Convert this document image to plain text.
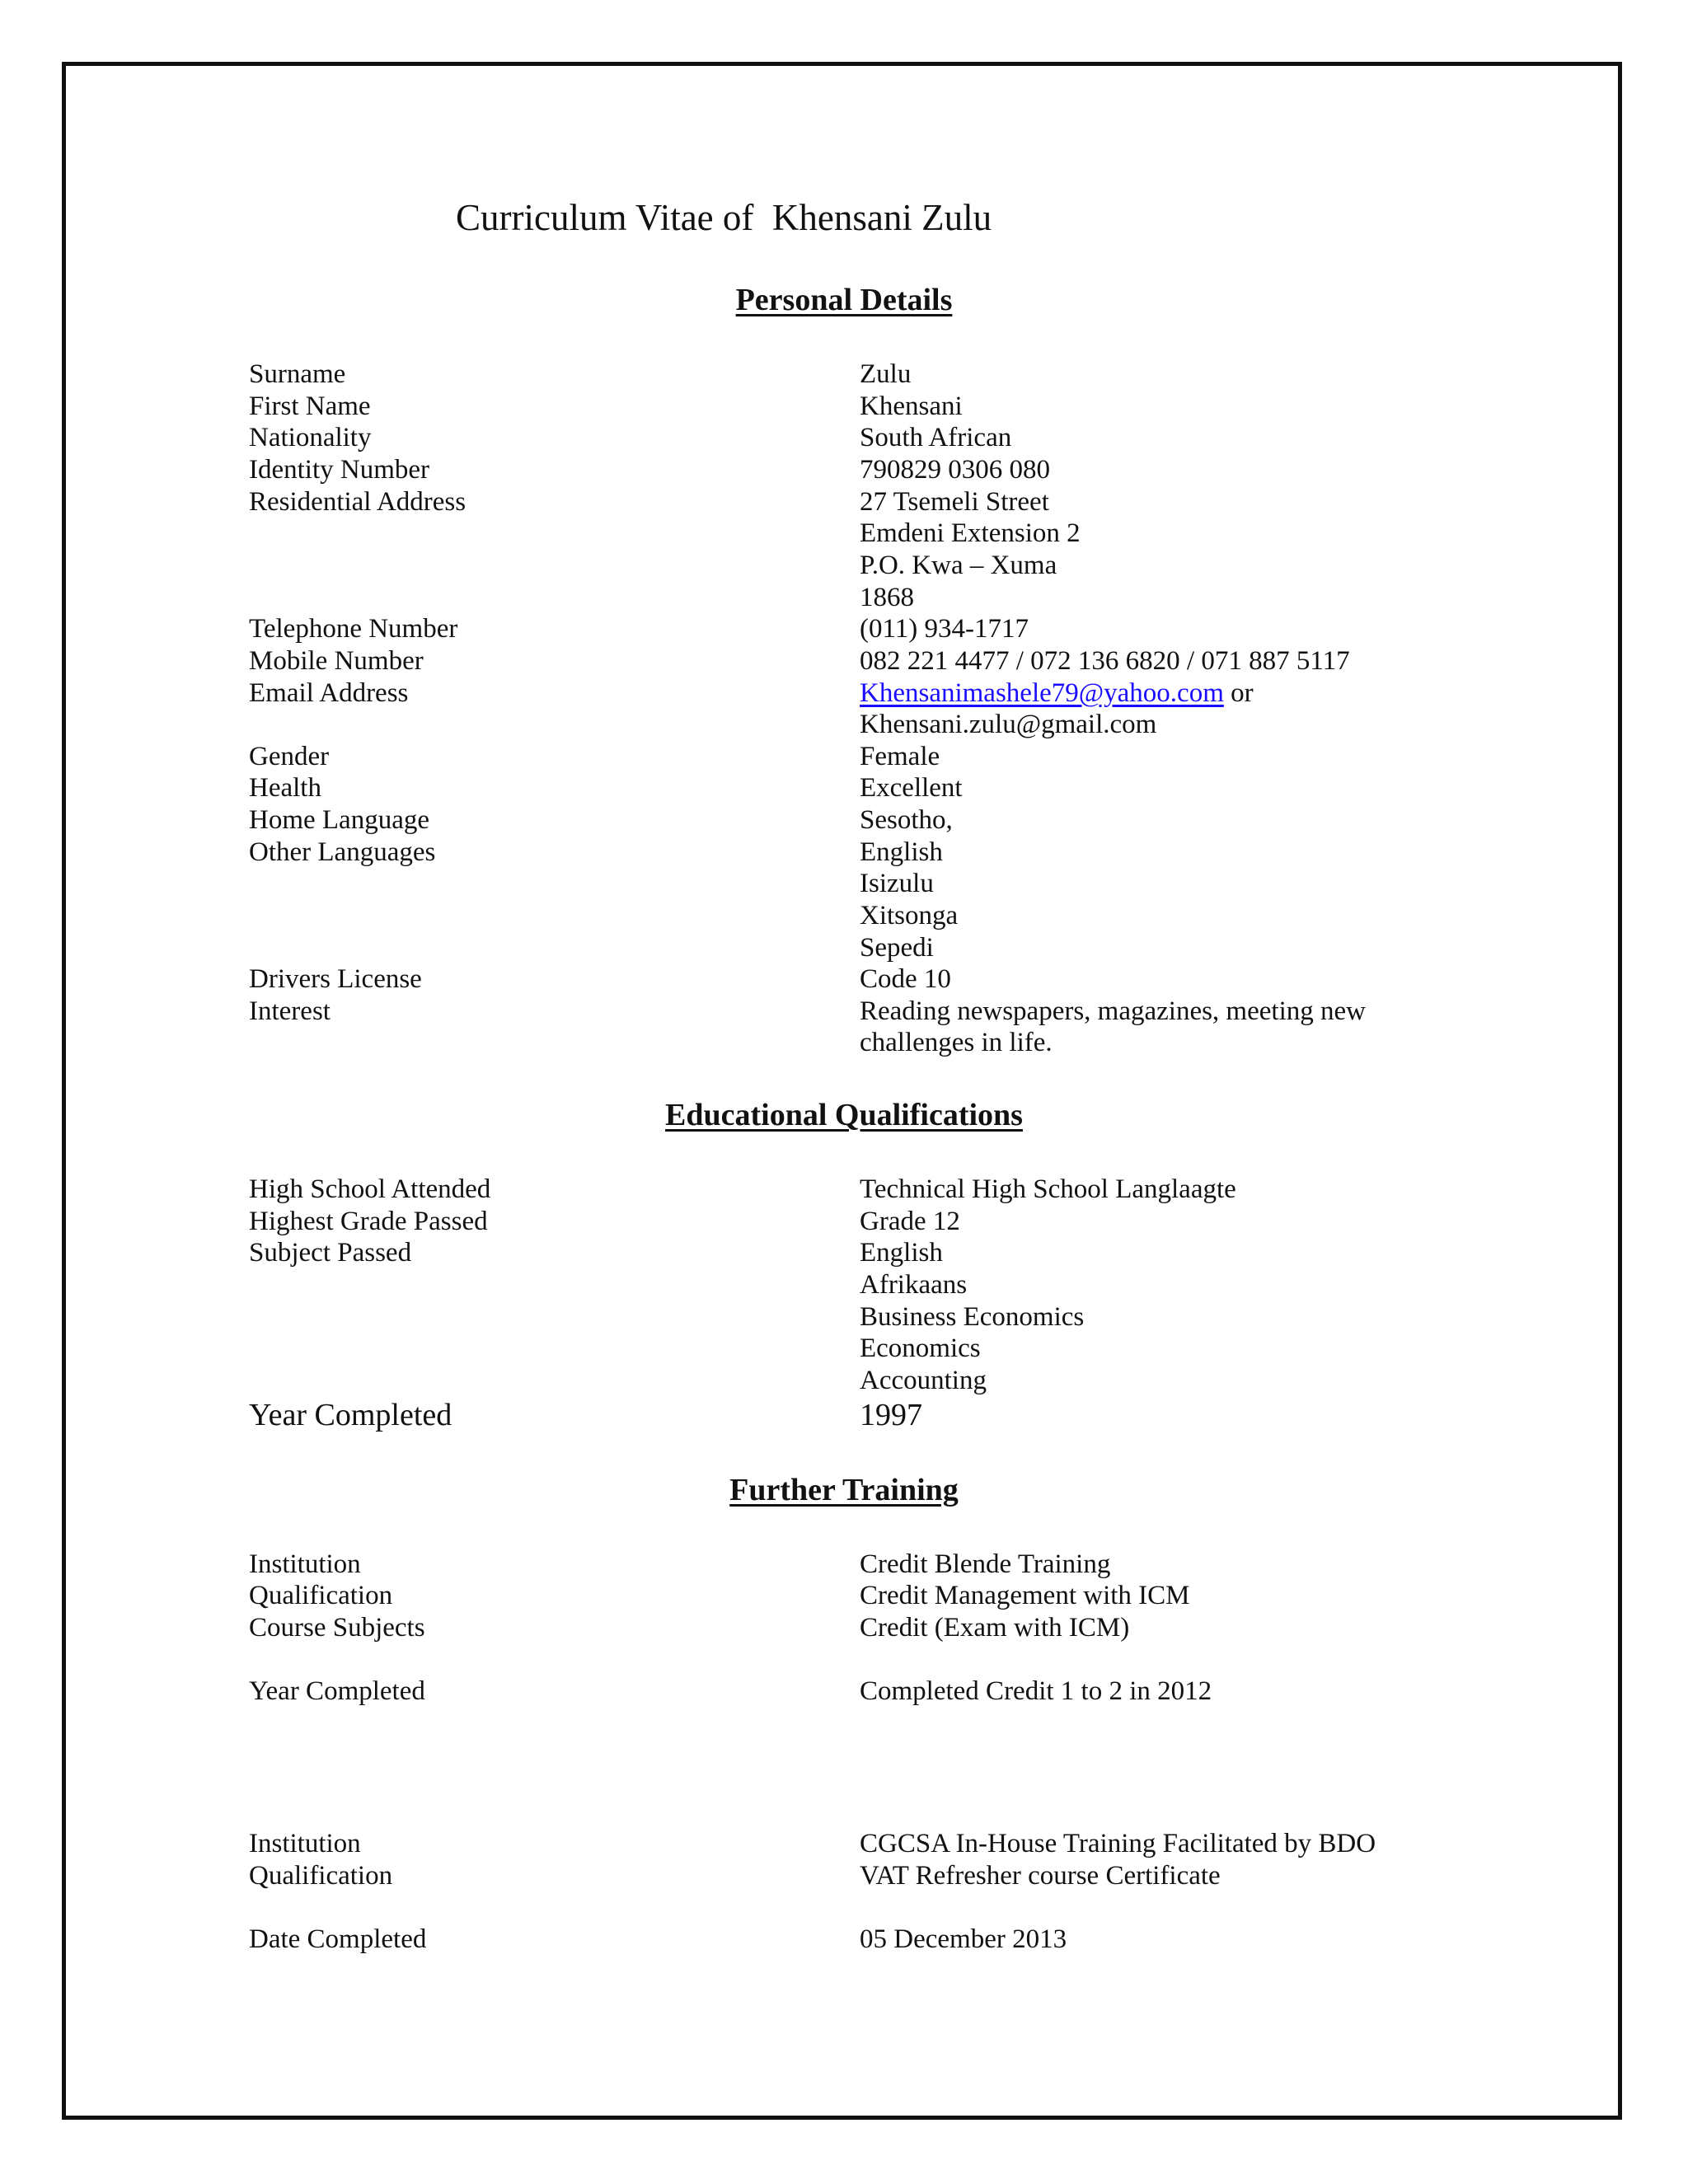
Curriculum Vitae of  Khensani Zulu
Personal Details
Surname	Zulu
First Name	Khensani
Nationality	South African
Identity Number	790829 0306 080
Residential Address	27 Tsemeli Street
Emdeni Extension 2
P.O. Kwa – Xuma
1868
Telephone Number	(011) 934-1717
Mobile Number	082 221 4477 / 072 136 6820 / 071 887 5117
Email Address	Khensanimashele79@yahoo.com or
Khensani.zulu@gmail.com
Gender	Female
Health	Excellent
Home Language	Sesotho,
Other Languages	English
Isizulu
Xitsonga
Sepedi
Drivers License	Code 10
Interest	Reading newspapers, magazines, meeting new
challenges in life.
Educational Qualifications
High School Attended	Technical High School Langlaagte
Highest Grade Passed	Grade 12
Subject Passed	English
Afrikaans
Business Economics
Economics
Accounting
Year Completed	1997
Further Training
Institution	Credit Blende Training
Qualification	Credit Management with ICM
Course Subjects	Credit (Exam with ICM)
Year Completed	Completed Credit 1 to 2 in 2012
Institution	CGCSA In-House Training Facilitated by BDO
Qualification	VAT Refresher course Certificate
Date Completed	05 December 2013
